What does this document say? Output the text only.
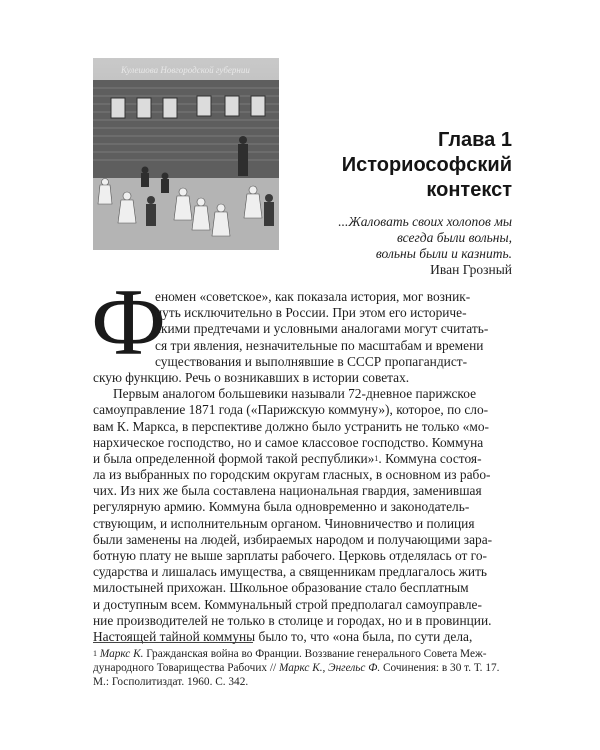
Кулешова Новгородской губернии
Глава 1
Историософский
контекст
...Жаловать своих холопов мы
всегда были вольны,
вольны были и казнить.
Иван Грозный
Ф
еномен «советское», как показала история, мог возник-
нуть исключительно в России. При этом его историче-
скими предтечами и условными аналогами могут считать-
ся три явления, незначительные по масштабам и времени
существования и выполнявшие в СССР пропагандист-
скую функцию. Речь о возникавших в истории советах.
Первым аналогом большевики называли 72-дневное парижское
самоуправление 1871 года («Парижскую коммуну»), которое, по сло-
вам К. Маркса, в перспективе должно было устранить не только «мо-
нархическое господство, но и самое классовое господство. Коммуна
и была определенной формой такой республики»$^1$. Коммуна состоя-
ла из выбранных по городским округам гласных, в основном из рабо-
чих. Из них же была составлена национальная гвардия, заменившая
регулярную армию. Коммуна была одновременно и законодатель-
ствующим, и исполнительным органом. Чиновничество и полиция
были заменены на людей, избираемых народом и получающими зара-
ботную плату не выше зарплаты рабочего. Церковь отделялась от го-
сударства и лишалась имущества, а священникам предлагалось жить
милостыней прихожан. Школьное образование стало бесплатным
и доступным всем. Коммунальный строй предполагал самоуправле-
ние производителей не только в столице и городах, но и в провинции.
Настоящей тайной коммуны было то, что «она была, по сути дела,
$^1$ Маркс К. Гражданская война во Франции. Воззвание генерального Совета Меж-
дународного Товарищества Рабочих // Маркс К., Энгельс Ф. Сочинения: в 30 т. Т. 17.
М.: Госполитиздат. 1960. С. 342.
